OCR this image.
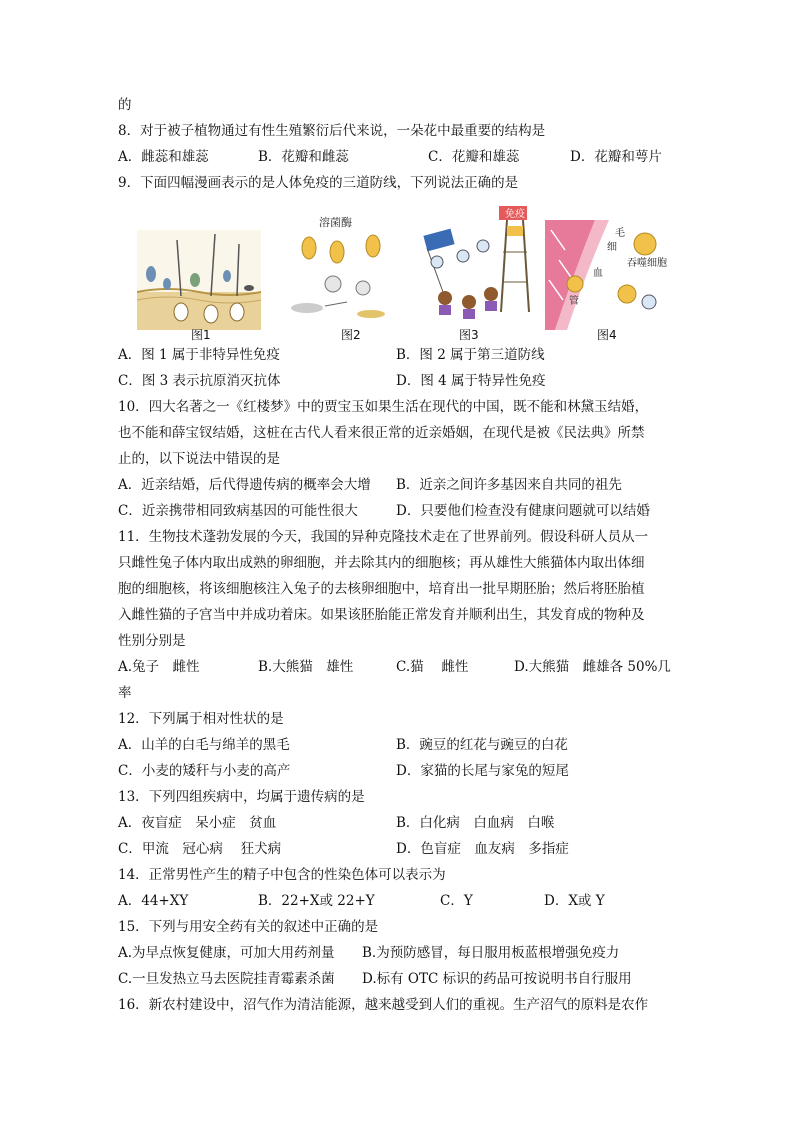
的
8．对于被子植物通过有性生殖繁衍后代来说，一朵花中最重要的结构是
A．雌蕊和雄蕊	B．花瓣和雌蕊	C．花瓣和雄蕊	D．花瓣和萼片
9．下面四幅漫画表示的是人体免疫的三道防线，下列说法正确的是
图1
溶菌酶
图2
免疫
图3
毛
细
血
管
吞噬细胞
图4
A．图 1 属于非特异性免疫	B．图 2 属于第三道防线
C．图 3 表示抗原消灭抗体	D．图 4 属于特异性免疫
10．四大名著之一《红楼梦》中的贾宝玉如果生活在现代的中国，既不能和林黛玉结婚，
也不能和薛宝钗结婚，这桩在古代人看来很正常的近亲婚姻，在现代是被《民法典》所禁
止的，以下说法中错误的是
A．近亲结婚，后代得遗传病的概率会大增 B．近亲之间许多基因来自共同的祖先
C．近亲携带相同致病基因的可能性很大	D．只要他们检查没有健康问题就可以结婚
11．生物技术蓬勃发展的今天，我国的异种克隆技术走在了世界前列。假设科研人员从一
只雌性兔子体内取出成熟的卵细胞，并去除其内的细胞核；再从雄性大熊猫体内取出体细
胞的细胞核，将该细胞核注入兔子的去核卵细胞中，培育出一批早期胚胎；然后将胚胎植
入雌性猫的子宫当中并成功着床。如果该胚胎能正常发育并顺利出生，其发育成的物种及
性别分别是
A.兔子　雌性	B.大熊猫　雄性	C.猫　 雌性	D.大熊猫　雌雄各 50%几
率
12．下列属于相对性状的是
A．山羊的白毛与绵羊的黑毛	B．豌豆的红花与豌豆的白花
C．小麦的矮秆与小麦的高产	D．家猫的长尾与家兔的短尾
13．下列四组疾病中，均属于遗传病的是
A．夜盲症　呆小症　贫血	B．白化病　白血病　白喉
C．甲流　冠心病　 狂犬病	D．色盲症　血友病　多指症
14．正常男性产生的精子中包含的性染色体可以表示为
A．44+XY	B．22+X或 22+Y	C．Y	D．X或 Y
15．下列与用安全药有关的叙述中正确的是
A.为早点恢复健康，可加大用药剂量 B.为预防感冒，每日服用板蓝根增强免疫力
C.一旦发热立马去医院挂青霉素杀菌 D.标有 OTC 标识的药品可按说明书自行服用
16．新农村建设中，沼气作为清洁能源，越来越受到人们的重视。生产沼气的原料是农作
